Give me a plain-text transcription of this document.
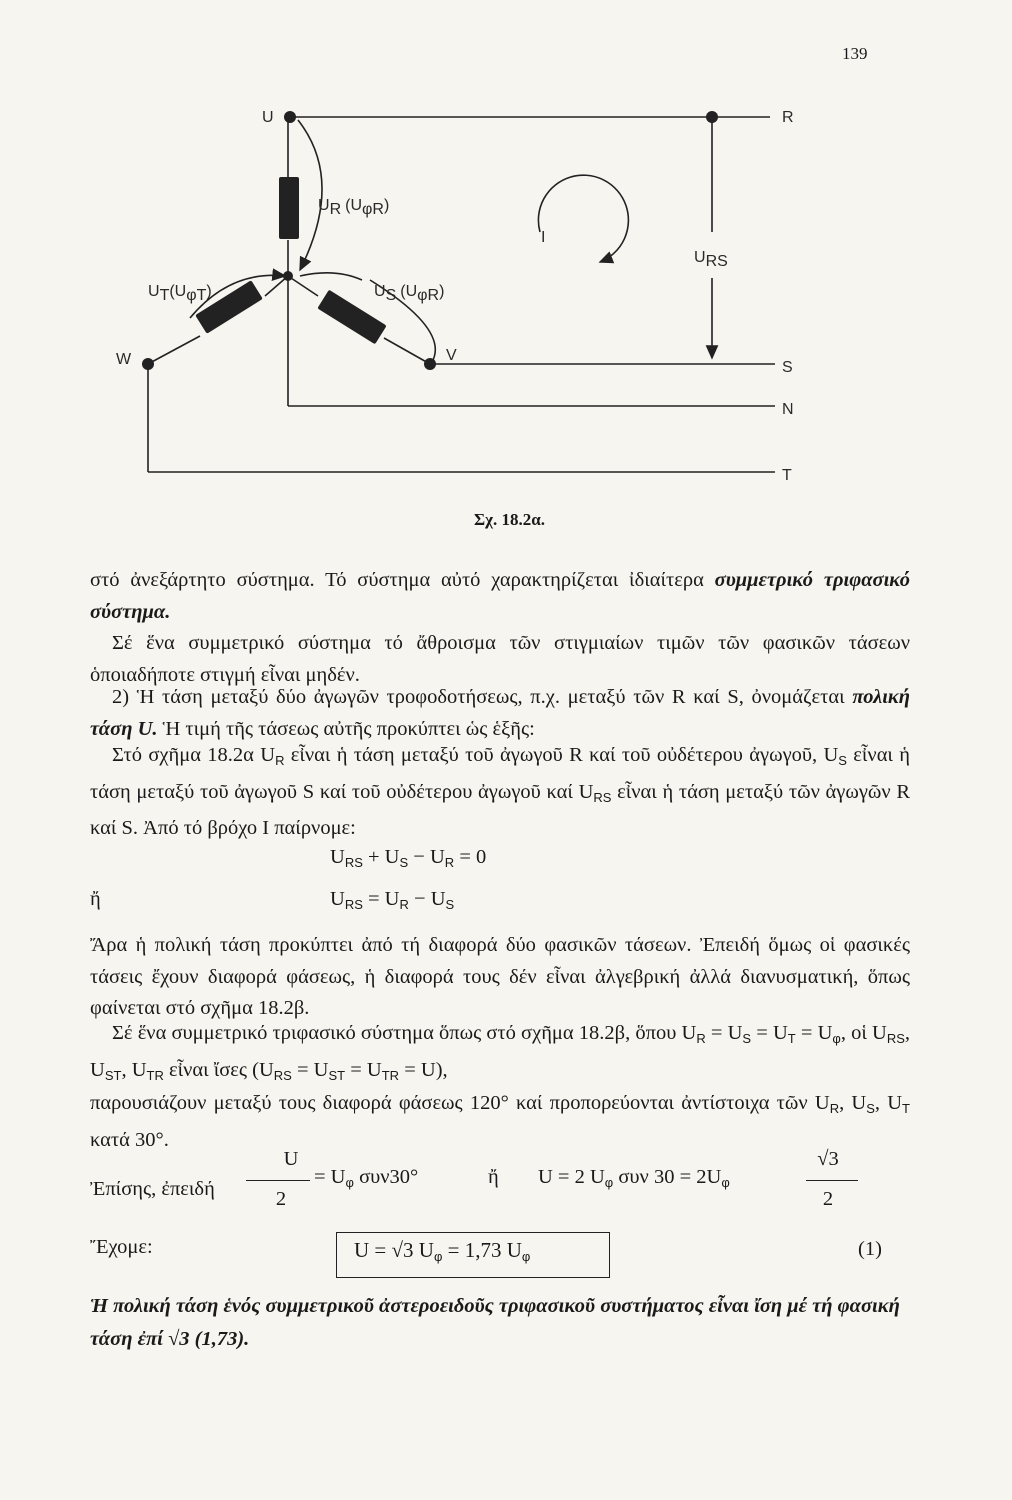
139
U	R
S
N
T
W	V
I
UR (UφR)
UT(UφT)	US (UφR)
URS
Σχ. 18.2α.

στό ἀνεξάρτητο σύστημα. Τό σύστημα αὐτό χαρακτηρίζεται ἰδιαίτερα συμμετρικό τριφασικό σύστημα.

Σέ ἕνα συμμετρικό σύστημα τό ἄθροισμα τῶν στιγμιαίων τιμῶν τῶν φασικῶν τάσεων ὁποιαδήποτε στιγμή εἶναι μηδέν.

2) Ἡ τάση μεταξύ δύο ἀγωγῶν τροφοδοτήσεως, π.χ. μεταξύ τῶν R καί S, ὀνομάζεται πολική τάση U. Ἡ τιμή τῆς τάσεως αὐτῆς προκύπτει ὡς ἑξῆς:

Στό σχῆμα 18.2α UR εἶναι ἡ τάση μεταξύ τοῦ ἀγωγοῦ R καί τοῦ οὐδέτερου ἀγωγοῦ, US εἶναι ἡ τάση μεταξύ τοῦ ἀγωγοῦ S καί τοῦ οὐδέτερου ἀγωγοῦ καί URS εἶναι ἡ τάση μεταξύ τῶν ἀγωγῶν R καί S. Ἀπό τό βρόχο I παίρνομε:

URS + US − UR = 0
ἤ	URS = UR − US

Ἄρα ἡ πολική τάση προκύπτει ἀπό τή διαφορά δύο φασικῶν τάσεων. Ἐπειδή ὅμως οἱ φασικές τάσεις ἔχουν διαφορά φάσεως, ἡ διαφορά τους δέν εἶναι ἀλγεβρική ἀλλά διανυσματική, ὅπως φαίνεται στό σχῆμα 18.2β.

Σέ ἕνα συμμετρικό τριφασικό σύστημα ὅπως στό σχῆμα 18.2β, ὅπου UR = US = UT = Uφ, οἱ URS, UST, UTR εἶναι ἴσες (URS = UST = UTR = U),

παρουσιάζουν μεταξύ τους διαφορά φάσεως 120° καί προπορεύονται ἀντίστοιχα τῶν UR, US, UT κατά 30°.

Ἐπίσης, ἐπειδή
U
2
= Uφ συν30°	ἤ U = 2 Uφ συν 30 = 2Uφ
√3
2
Ἔχομε:	U = √3 Uφ = 1,73 Uφ	(1)

Ἡ πολική τάση ἑνός συμμετρικοῦ ἀστεροειδοῦς τριφασικοῦ συστήματος εἶναι ἴση μέ τή φασική τάση ἐπί √3 (1,73).
